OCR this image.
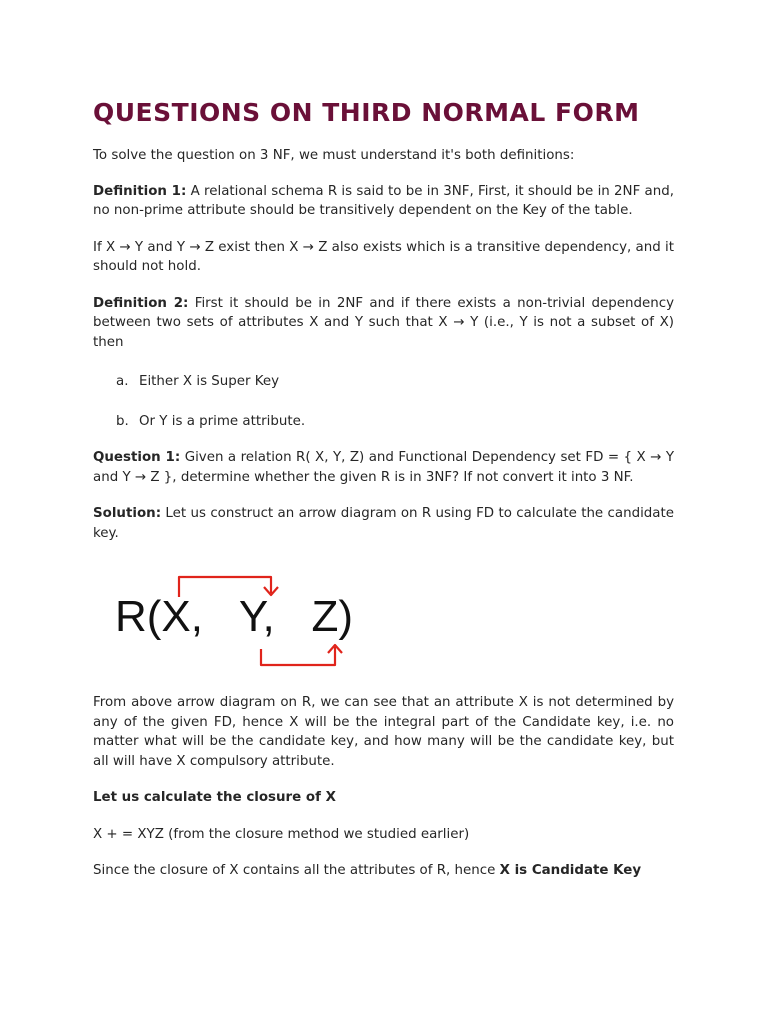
QUESTIONS ON THIRD NORMAL FORM

To solve the question on 3 NF, we must understand it's both definitions:

Definition 1: A relational schema R is said to be in 3NF, First, it should be in 2NF and, no non-prime attribute should be transitively dependent on the Key of the table.

If X → Y and Y → Z exist then X → Z also exists which is a transitive dependency, and it should not hold.

Definition 2: First it should be in 2NF and if there exists a non-trivial dependency between two sets of attributes X and Y such that X → Y (i.e., Y is not a subset of X) then

a. Either X is Super Key
b. Or Y is a prime attribute.

Question 1: Given a relation R( X, Y, Z) and Functional Dependency set FD = { X → Y and Y → Z }, determine whether the given R is in 3NF? If not convert it into 3 NF.

Solution: Let us construct an arrow diagram on R using FD to calculate the candidate key.

R(X,   Y,   Z)

From above arrow diagram on R, we can see that an attribute X is not determined by any of the given FD, hence X will be the integral part of the Candidate key, i.e. no matter what will be the candidate key, and how many will be the candidate key, but all will have X compulsory attribute.

Let us calculate the closure of X

X + = XYZ (from the closure method we studied earlier)

Since the closure of X contains all the attributes of R, hence X is Candidate Key
